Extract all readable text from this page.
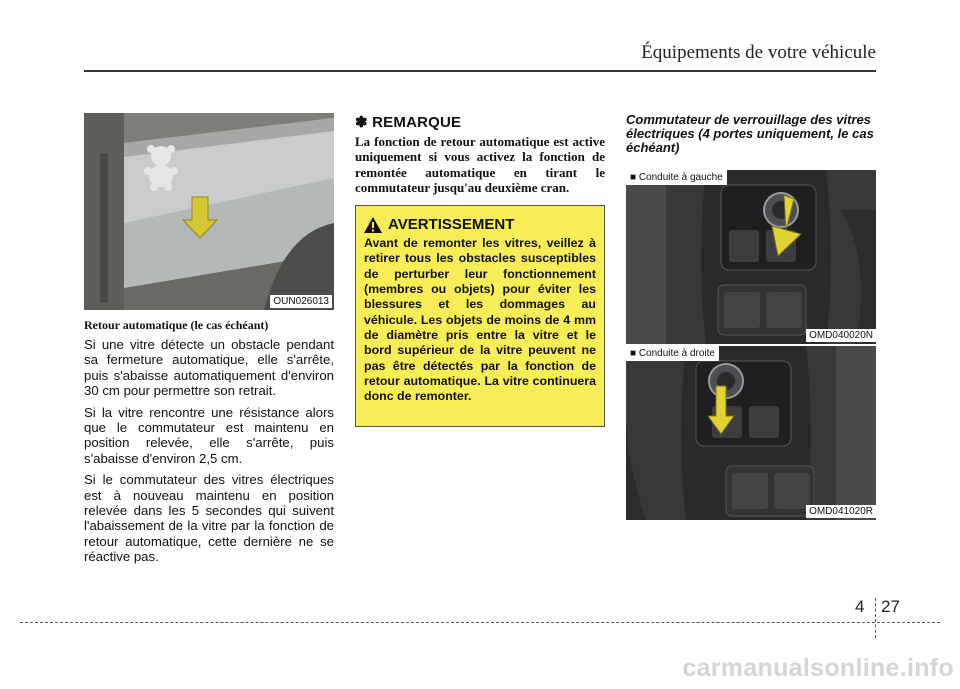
Équipements de votre véhicule
OUN026013
Retour automatique (le cas échéant)

Si une vitre détecte un obstacle pendant sa fermeture automatique, elle s'arrête, puis s'abaisse automatiquement d'environ 30 cm pour permettre son retrait.

Si la vitre rencontre une résistance alors que le commutateur est maintenu en position relevée, elle s'arrête, puis s'abaisse d'environ 2,5 cm.

Si le commutateur des vitres électriques est à nouveau maintenu en position relevée dans les 5 secondes qui suivent l'abaissement de la vitre par la fonction de retour automatique, cette dernière ne se réactive pas.

✽ REMARQUE

La fonction de retour automatique est active uniquement si vous activez la fonction de remontée automatique en tirant le commutateur jusqu'au deuxième cran.

AVERTISSEMENT

Avant de remonter les vitres, veillez à retirer tous les obstacles susceptibles de perturber leur fonctionnement (membres ou objets) pour éviter les blessures et les dommages au véhicule. Les objets de moins de 4 mm de diamètre pris entre la vitre et le bord supérieur de la vitre peuvent ne pas être détectés par la fonction de retour automatique. La vitre continuera donc de remonter.

Commutateur de verrouillage des vitres électriques (4 portes uniquement, le cas échéant)

■ Conduite à gauche
OMD040020N
■ Conduite à droite
OMD041020R
4 27
carmanualsonline.info
